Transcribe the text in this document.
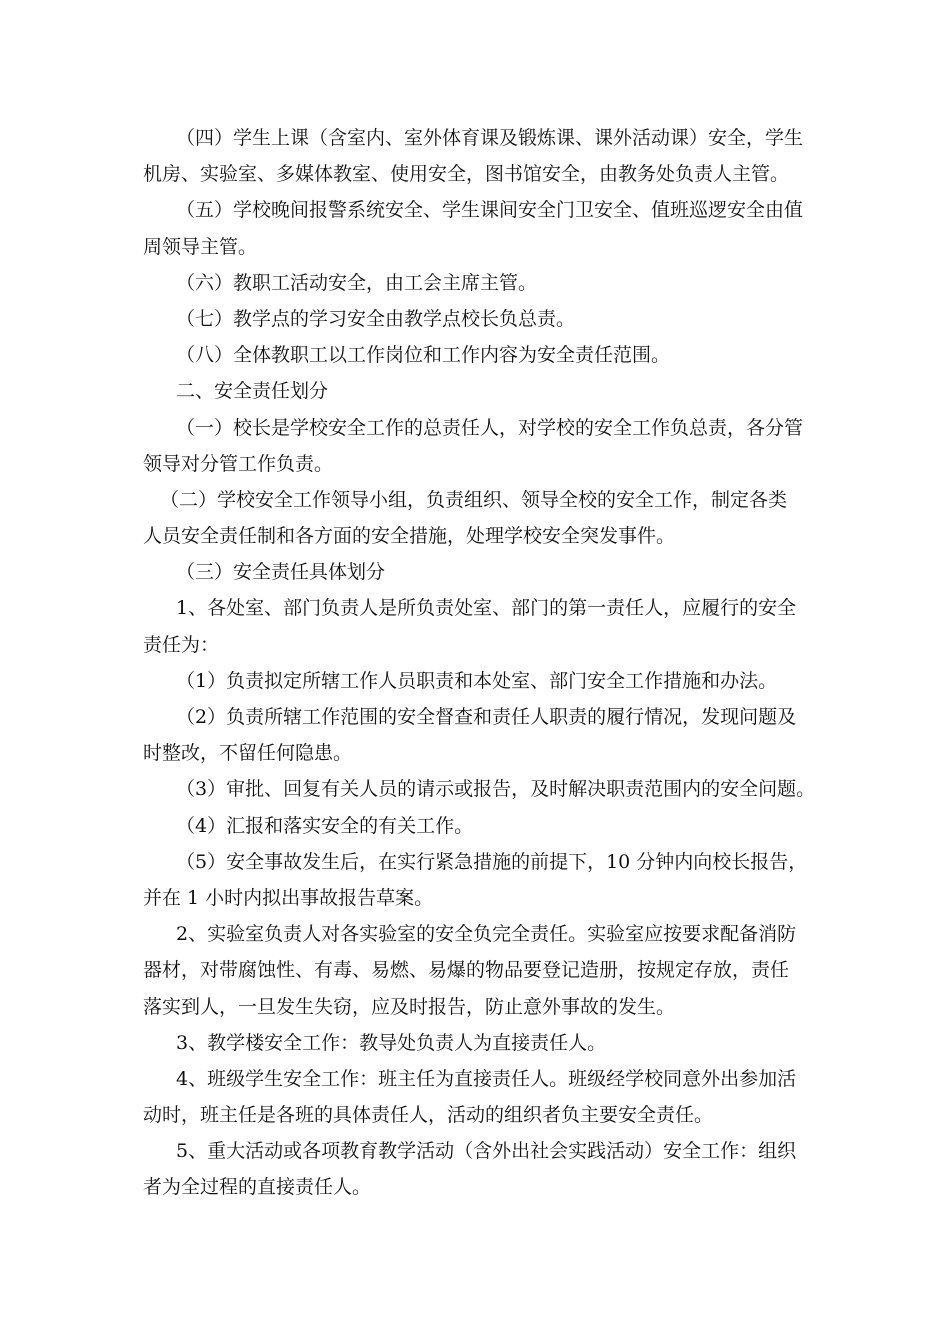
（四）学生上课（含室内、室外体育课及锻炼课、课外活动课）安全，学生
机房、实验室、多媒体教室、使用安全，图书馆安全，由教务处负责人主管。
（五）学校晚间报警系统安全、学生课间安全门卫安全、值班巡逻安全由值
周领导主管。
（六）教职工活动安全，由工会主席主管。
（七）教学点的学习安全由教学点校长负总责。
（八）全体教职工以工作岗位和工作内容为安全责任范围。
二、安全责任划分
（一）校长是学校安全工作的总责任人，对学校的安全工作负总责，各分管
领导对分管工作负责。
（二）学校安全工作领导小组，负责组织、领导全校的安全工作，制定各类
人员安全责任制和各方面的安全措施，处理学校安全突发事件。
（三）安全责任具体划分
1、各处室、部门负责人是所负责处室、部门的第一责任人，应履行的安全
责任为：
（1）负责拟定所辖工作人员职责和本处室、部门安全工作措施和办法。
（2）负责所辖工作范围的安全督查和责任人职责的履行情况，发现问题及
时整改，不留任何隐患。
（3）审批、回复有关人员的请示或报告，及时解决职责范围内的安全问题。
（4）汇报和落实安全的有关工作。
（5）安全事故发生后，在实行紧急措施的前提下，10 分钟内向校长报告，
并在 1 小时内拟出事故报告草案。
2、实验室负责人对各实验室的安全负完全责任。实验室应按要求配备消防
器材，对带腐蚀性、有毒、易燃、易爆的物品要登记造册，按规定存放，责任
落实到人，一旦发生失窃，应及时报告，防止意外事故的发生。
3、教学楼安全工作：教导处负责人为直接责任人。
4、班级学生安全工作：班主任为直接责任人。班级经学校同意外出参加活
动时，班主任是各班的具体责任人，活动的组织者负主要安全责任。
5、重大活动或各项教育教学活动（含外出社会实践活动）安全工作：组织
者为全过程的直接责任人。
